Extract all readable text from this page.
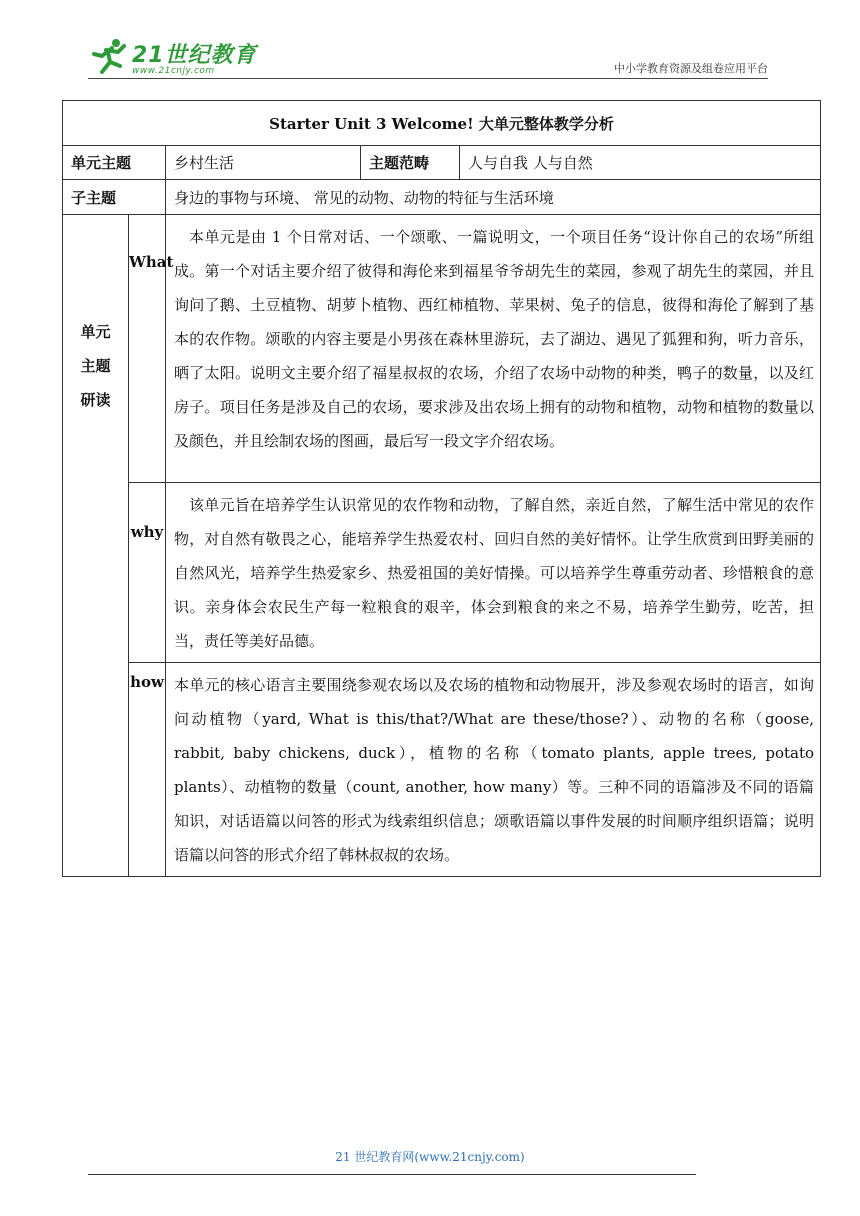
21世纪教育
www.21cnjy.com	中小学教育资源及组卷应用平台
Starter Unit 3 Welcome! 大单元整体教学分析				
单元主题		乡村生活	主题范畴	人与自我 人与自然
子主题		身边的事物与环境、 常见的动物、动物的特征与生活环境		

单元主题研读	What	本单元是由 1 个日常对话、一个颂歌、一篇说明文，一个项目任务“设计你自己的农场”所组成。第一个对话主要介绍了彼得和海伦来到福星爷爷胡先生的菜园，参观了胡先生的菜园，并且询问了鹅、土豆植物、胡萝卜植物、西红柿植物、苹果树、兔子的信息，彼得和海伦了解到了基本的农作物。颂歌的内容主要是小男孩在森林里游玩，去了湖边、遇见了狐狸和狗，听力音乐，晒了太阳。说明文主要介绍了福星叔叔的农场，介绍了农场中动物的种类，鸭子的数量，以及红房子。项目任务是涉及自己的农场，要求涉及出农场上拥有的动物和植物，动物和植物的数量以及颜色，并且绘制农场的图画，最后写一段文字介绍农场。		
	why	该单元旨在培养学生认识常见的农作物和动物，了解自然，亲近自然，了解生活中常见的农作物，对自然有敬畏之心，能培养学生热爱农村、回归自然的美好情怀。让学生欣赏到田野美丽的自然风光，培养学生热爱家乡、热爱祖国的美好情操。可以培养学生尊重劳动者、珍惜粮食的意识。亲身体会农民生产每一粒粮食的艰辛，体会到粮食的来之不易，培养学生勤劳，吃苦，担当，责任等美好品德。		
	how	本单元的核心语言主要围绕参观农场以及农场的植物和动物展开，涉及参观农场时的语言，如询问动植物（yard, What is this/that?/What are these/those?）、动物的名称（goose, rabbit, baby chickens, duck），植物的名称（tomato plants, apple trees, potato plants）、动植物的数量（count, another, how many）等。三种不同的语篇涉及不同的语篇知识，对话语篇以问答的形式为线索组织信息；颂歌语篇以事件发展的时间顺序组织语篇；说明语篇以问答的形式介绍了韩林叔叔的农场。		
21 世纪教育网(www.21cnjy.com)
